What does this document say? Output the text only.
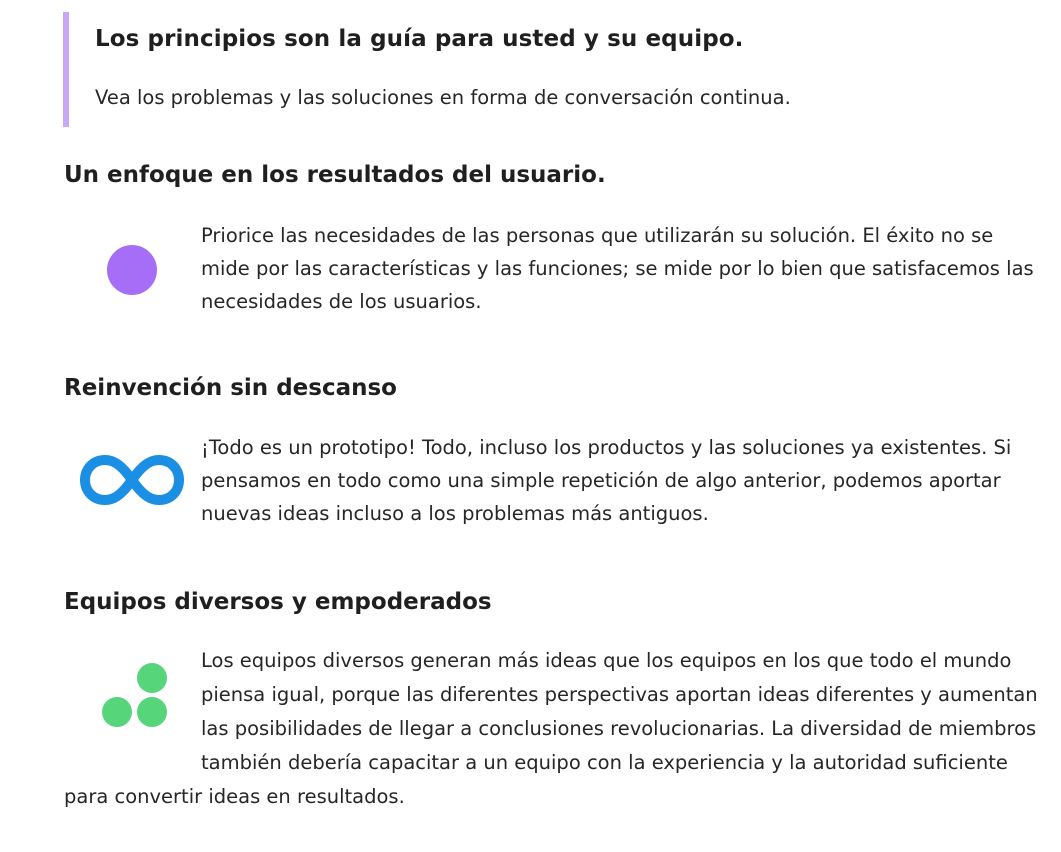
Los principios son la guía para usted y su equipo.

Vea los problemas y las soluciones en forma de conversación continua.

Un enfoque en los resultados del usuario.

Priorice las necesidades de las personas que utilizarán su solución. El éxito no se mide por las características y las funciones; se mide por lo bien que satisfacemos las necesidades de los usuarios.

Reinvención sin descanso

¡Todo es un prototipo! Todo, incluso los productos y las soluciones ya existentes. Si pensamos en todo como una simple repetición de algo anterior, podemos aportar nuevas ideas incluso a los problemas más antiguos.

Equipos diversos y empoderados
Los equipos diversos generan más ideas que los equipos en los que todo el mundo piensa igual, porque las diferentes perspectivas aportan ideas diferentes y aumentan las posibilidades de llegar a conclusiones revolucionarias. La diversidad de miembros también debería capacitar a un equipo con la experiencia y la autoridad suficiente para convertir ideas en resultados.
